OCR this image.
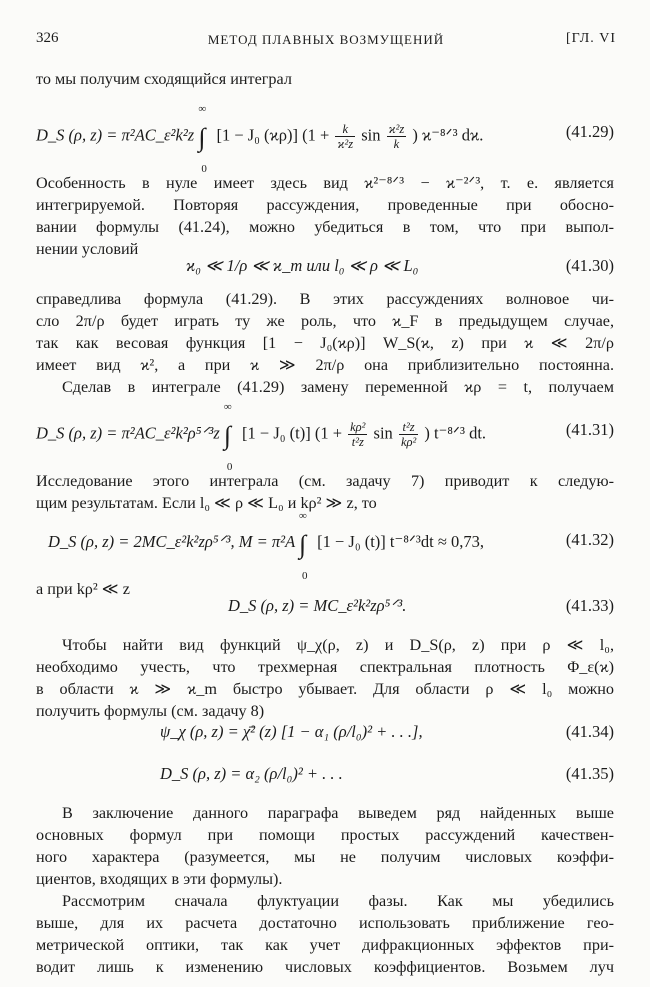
326	МЕТОД ПЛАВНЫХ ВОЗМУЩЕНИЙ	[ГЛ. VI
то мы получим сходящийся интеграл
D_S (ρ, z) = π²AC_ε²k²z ∫
∞
0
[1 − J₀ (ϰρ)] ($1 + \frac{k}{\text{ϰ²z}}$ $\sin \frac{\text{ϰ²z}}{k}$ ) ϰ⁻⁸ᐟ³ dϰ.	(41.29)
Особенность в нуле имеет здесь вид ϰ²⁻⁸ᐟ³ − ϰ⁻²ᐟ³, т. е. является
интегрируемой. Повторяя рассуждения, проведенные при обосно-
вании формулы (41.24), можно убедиться в том, что при выпол-
нении условий
ϰ₀ ≪ 1/ρ ≪ ϰ_m или l₀ ≪ ρ ≪ L₀	(41.30)
справедлива формула (41.29). В этих рассуждениях волновое чи-
сло 2π/ρ будет играть ту же роль, что ϰ_F в предыдущем случае,
так как весовая функция [1 − J₀(ϰρ)] W_S(ϰ, z) при ϰ ≪ 2π/ρ
имеет вид ϰ², а при ϰ ≫ 2π/ρ она приблизительно постоянна.
Сделав в интеграле (41.29) замену переменной ϰρ = t, получаем
D_S (ρ, z) = π²AC_ε²k²ρ⁵ᐟ³z ∫
∞
0
[1 − J₀ (t)] ($1 + \frac{\text{kρ²}}{\text{t²z}}$ $\sin \frac{\text{t²z}}{\text{kρ²}}$ ) t⁻⁸ᐟ³ dt.	(41.31)
Исследование этого интеграла (см. задачу 7) приводит к следую-
щим результатам. Если l₀ ≪ ρ ≪ L₀ и kρ² ≫ z, то
D_S (ρ, z) = 2MC_ε²k²zρ⁵ᐟ³, M = π²A ∫
∞
0
[1 − J₀ (t)] t⁻⁸ᐟ³dt ≈ 0,73,	(41.32)
а при kρ² ≪ z
D_S (ρ, z) = MC_ε²k²zρ⁵ᐟ³.	(41.33)
Чтобы найти вид функций ψ_χ(ρ, z) и D_S(ρ, z) при ρ ≪ l₀,
необходимо учесть, что трехмерная спектральная плотность Φ_ε(ϰ)
в области ϰ ≫ ϰ_m быстро убывает. Для области ρ ≪ l₀ можно
получить формулы (см. задачу 8)
ψ_χ (ρ, z) = χ̄² (z) [1 − α₁ (ρ/l₀)² + . . .],	(41.34)
D_S (ρ, z) = α₂ (ρ/l₀)² + . . .	(41.35)
В заключение данного параграфа выведем ряд найденных выше
основных формул при помощи простых рассуждений качествен-
ного характера (разумеется, мы не получим числовых коэффи-
циентов, входящих в эти формулы).
Рассмотрим сначала флуктуации фазы. Как мы убедились
выше, для их расчета достаточно использовать приближение гео-
метрической оптики, так как учет дифракционных эффектов при-
водит лишь к изменению числовых коэффициентов. Возьмем луч
